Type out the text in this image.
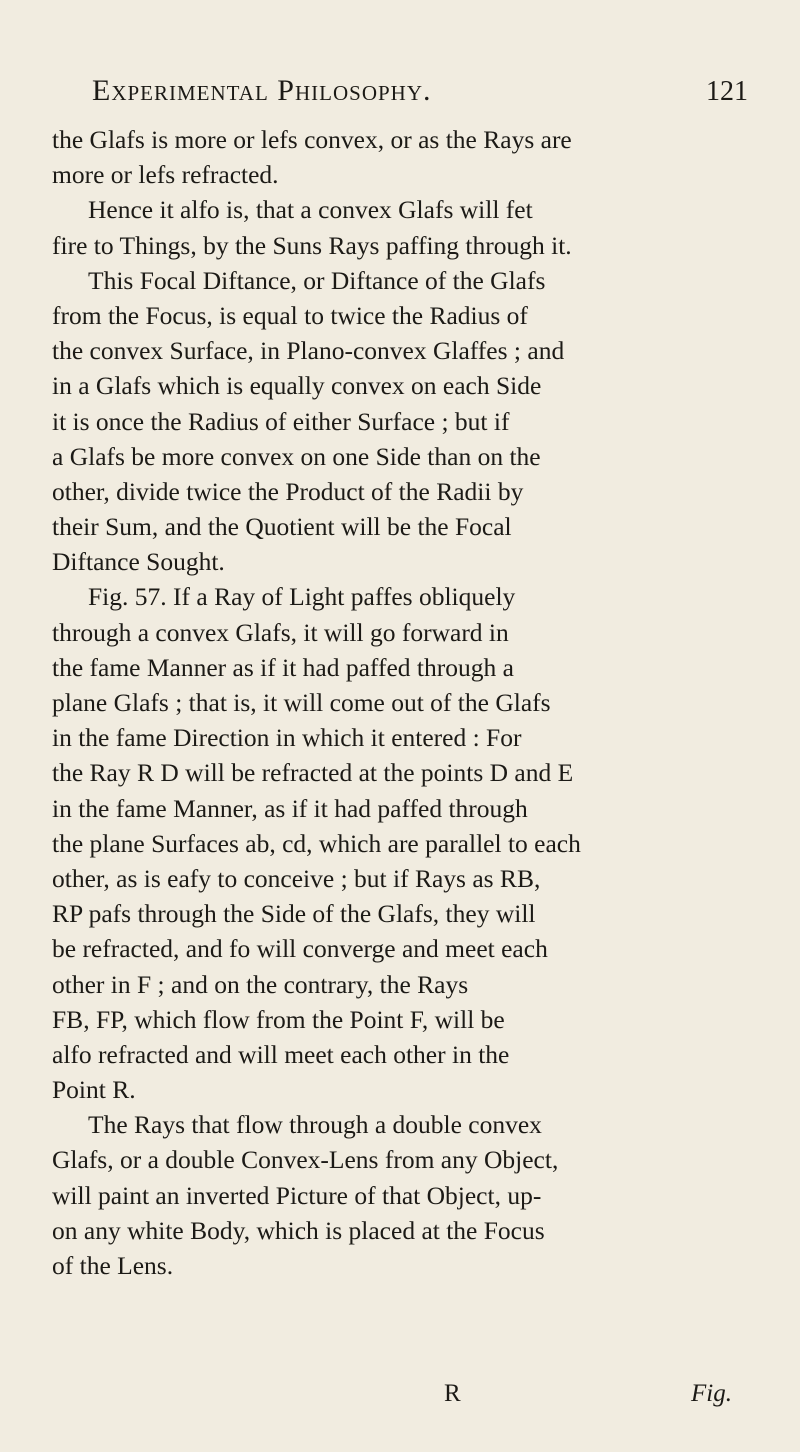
Experimental Philosophy.	121
the Glafs is more or lefs convex, or as the Rays are
more or lefs refracted.
Hence it alfo is, that a convex Glafs will fet
fire to Things, by the Suns Rays paffing through it.
This Focal Diftance, or Diftance of the Glafs
from the Focus, is equal to twice the Radius of
the convex Surface, in Plano-convex Glaffes ; and
in a Glafs which is equally convex on each Side
it is once the Radius of either Surface ; but if
a Glafs be more convex on one Side than on the
other, divide twice the Product of the Radii by
their Sum, and the Quotient will be the Focal
Diftance Sought.
Fig. 57. If a Ray of Light paffes obliquely
through a convex Glafs, it will go forward in
the fame Manner as if it had paffed through a
plane Glafs ; that is, it will come out of the Glafs
in the fame Direction in which it entered : For
the Ray R D will be refracted at the points D and E
in the fame Manner, as if it had paffed through
the plane Surfaces ab, cd, which are parallel to each
other, as is eafy to conceive ; but if Rays as RB,
RP pafs through the Side of the Glafs, they will
be refracted, and fo will converge and meet each
other in F ; and on the contrary, the Rays
FB, FP, which flow from the Point F, will be
alfo refracted and will meet each other in the
Point R.
The Rays that flow through a double convex
Glafs, or a double Convex-Lens from any Object,
will paint an inverted Picture of that Object, up-
on any white Body, which is placed at the Focus
of the Lens.
R	Fig.
